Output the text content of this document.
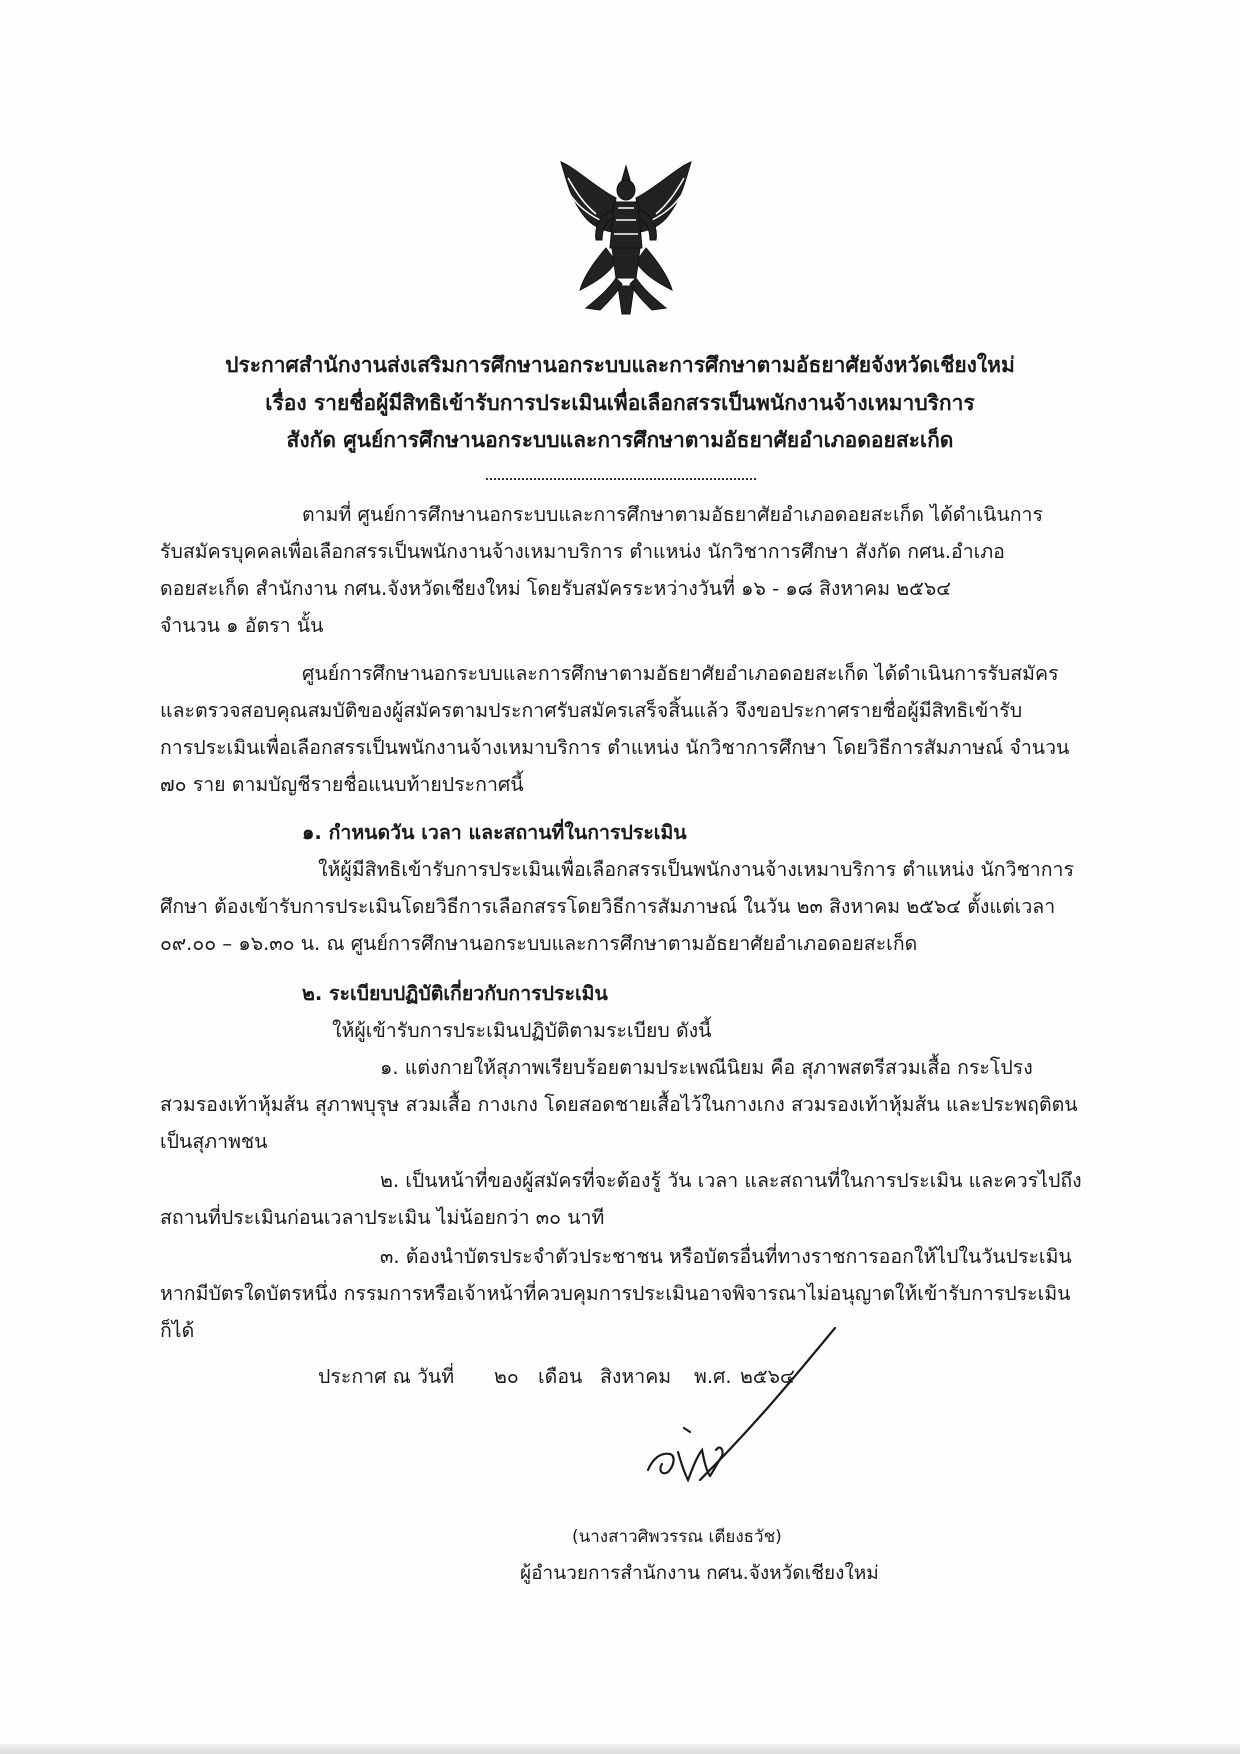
ประกาศสำนักงานส่งเสริมการศึกษานอกระบบและการศึกษาตามอัธยาศัยจังหวัดเชียงใหม่
เรื่อง รายชื่อผู้มีสิทธิเข้ารับการประเมินเพื่อเลือกสรรเป็นพนักงานจ้างเหมาบริการ
สังกัด ศูนย์การศึกษานอกระบบและการศึกษาตามอัธยาศัยอำเภอดอยสะเก็ด
ตามที่ ศูนย์การศึกษานอกระบบและการศึกษาตามอัธยาศัยอำเภอดอยสะเก็ด ได้ดำเนินการ
รับสมัครบุคคลเพื่อเลือกสรรเป็นพนักงานจ้างเหมาบริการ ตำแหน่ง นักวิชาการศึกษา สังกัด กศน.อำเภอ
ดอยสะเก็ด สำนักงาน กศน.จังหวัดเชียงใหม่ โดยรับสมัครระหว่างวันที่ ๑๖ - ๑๘ สิงหาคม ๒๕๖๔
จำนวน ๑ อัตรา นั้น
ศูนย์การศึกษานอกระบบและการศึกษาตามอัธยาศัยอำเภอดอยสะเก็ด ได้ดำเนินการรับสมัคร
และตรวจสอบคุณสมบัติของผู้สมัครตามประกาศรับสมัครเสร็จสิ้นแล้ว จึงขอประกาศรายชื่อผู้มีสิทธิเข้ารับ
การประเมินเพื่อเลือกสรรเป็นพนักงานจ้างเหมาบริการ ตำแหน่ง นักวิชาการศึกษา โดยวิธีการสัมภาษณ์ จำนวน
๗๐ ราย ตามบัญชีรายชื่อแนบท้ายประกาศนี้
๑. กำหนดวัน เวลา และสถานที่ในการประเมิน
ให้ผู้มีสิทธิเข้ารับการประเมินเพื่อเลือกสรรเป็นพนักงานจ้างเหมาบริการ ตำแหน่ง นักวิชาการ
ศึกษา ต้องเข้ารับการประเมินโดยวิธีการเลือกสรรโดยวิธีการสัมภาษณ์ ในวัน ๒๓ สิงหาคม ๒๕๖๔ ตั้งแต่เวลา
๐๙.๐๐ – ๑๖.๓๐ น. ณ ศูนย์การศึกษานอกระบบและการศึกษาตามอัธยาศัยอำเภอดอยสะเก็ด
๒. ระเบียบปฏิบัติเกี่ยวกับการประเมิน
ให้ผู้เข้ารับการประเมินปฏิบัติตามระเบียบ ดังนี้
๑. แต่งกายให้สุภาพเรียบร้อยตามประเพณีนิยม คือ สุภาพสตรีสวมเสื้อ กระโปรง
สวมรองเท้าหุ้มส้น สุภาพบุรุษ สวมเสื้อ กางเกง โดยสอดชายเสื้อไว้ในกางเกง สวมรองเท้าหุ้มส้น และประพฤติตน
เป็นสุภาพชน
๒. เป็นหน้าที่ของผู้สมัครที่จะต้องรู้ วัน เวลา และสถานที่ในการประเมิน และควรไปถึง
สถานที่ประเมินก่อนเวลาประเมิน ไม่น้อยกว่า ๓๐ นาที
๓. ต้องนำบัตรประจำตัวประชาชน หรือบัตรอื่นที่ทางราชการออกให้ไปในวันประเมิน
หากมีบัตรใดบัตรหนึ่ง กรรมการหรือเจ้าหน้าที่ควบคุมการประเมินอาจพิจารณาไม่อนุญาตให้เข้ารับการประเมิน
ก็ได้
ประกาศ ณ วันที่ ๒๐ เดือน สิงหาคม พ.ศ. ๒๕๖๔
(นางสาวศิพวรรณ เตียงธวัช)
ผู้อำนวยการสำนักงาน กศน.จังหวัดเชียงใหม่
